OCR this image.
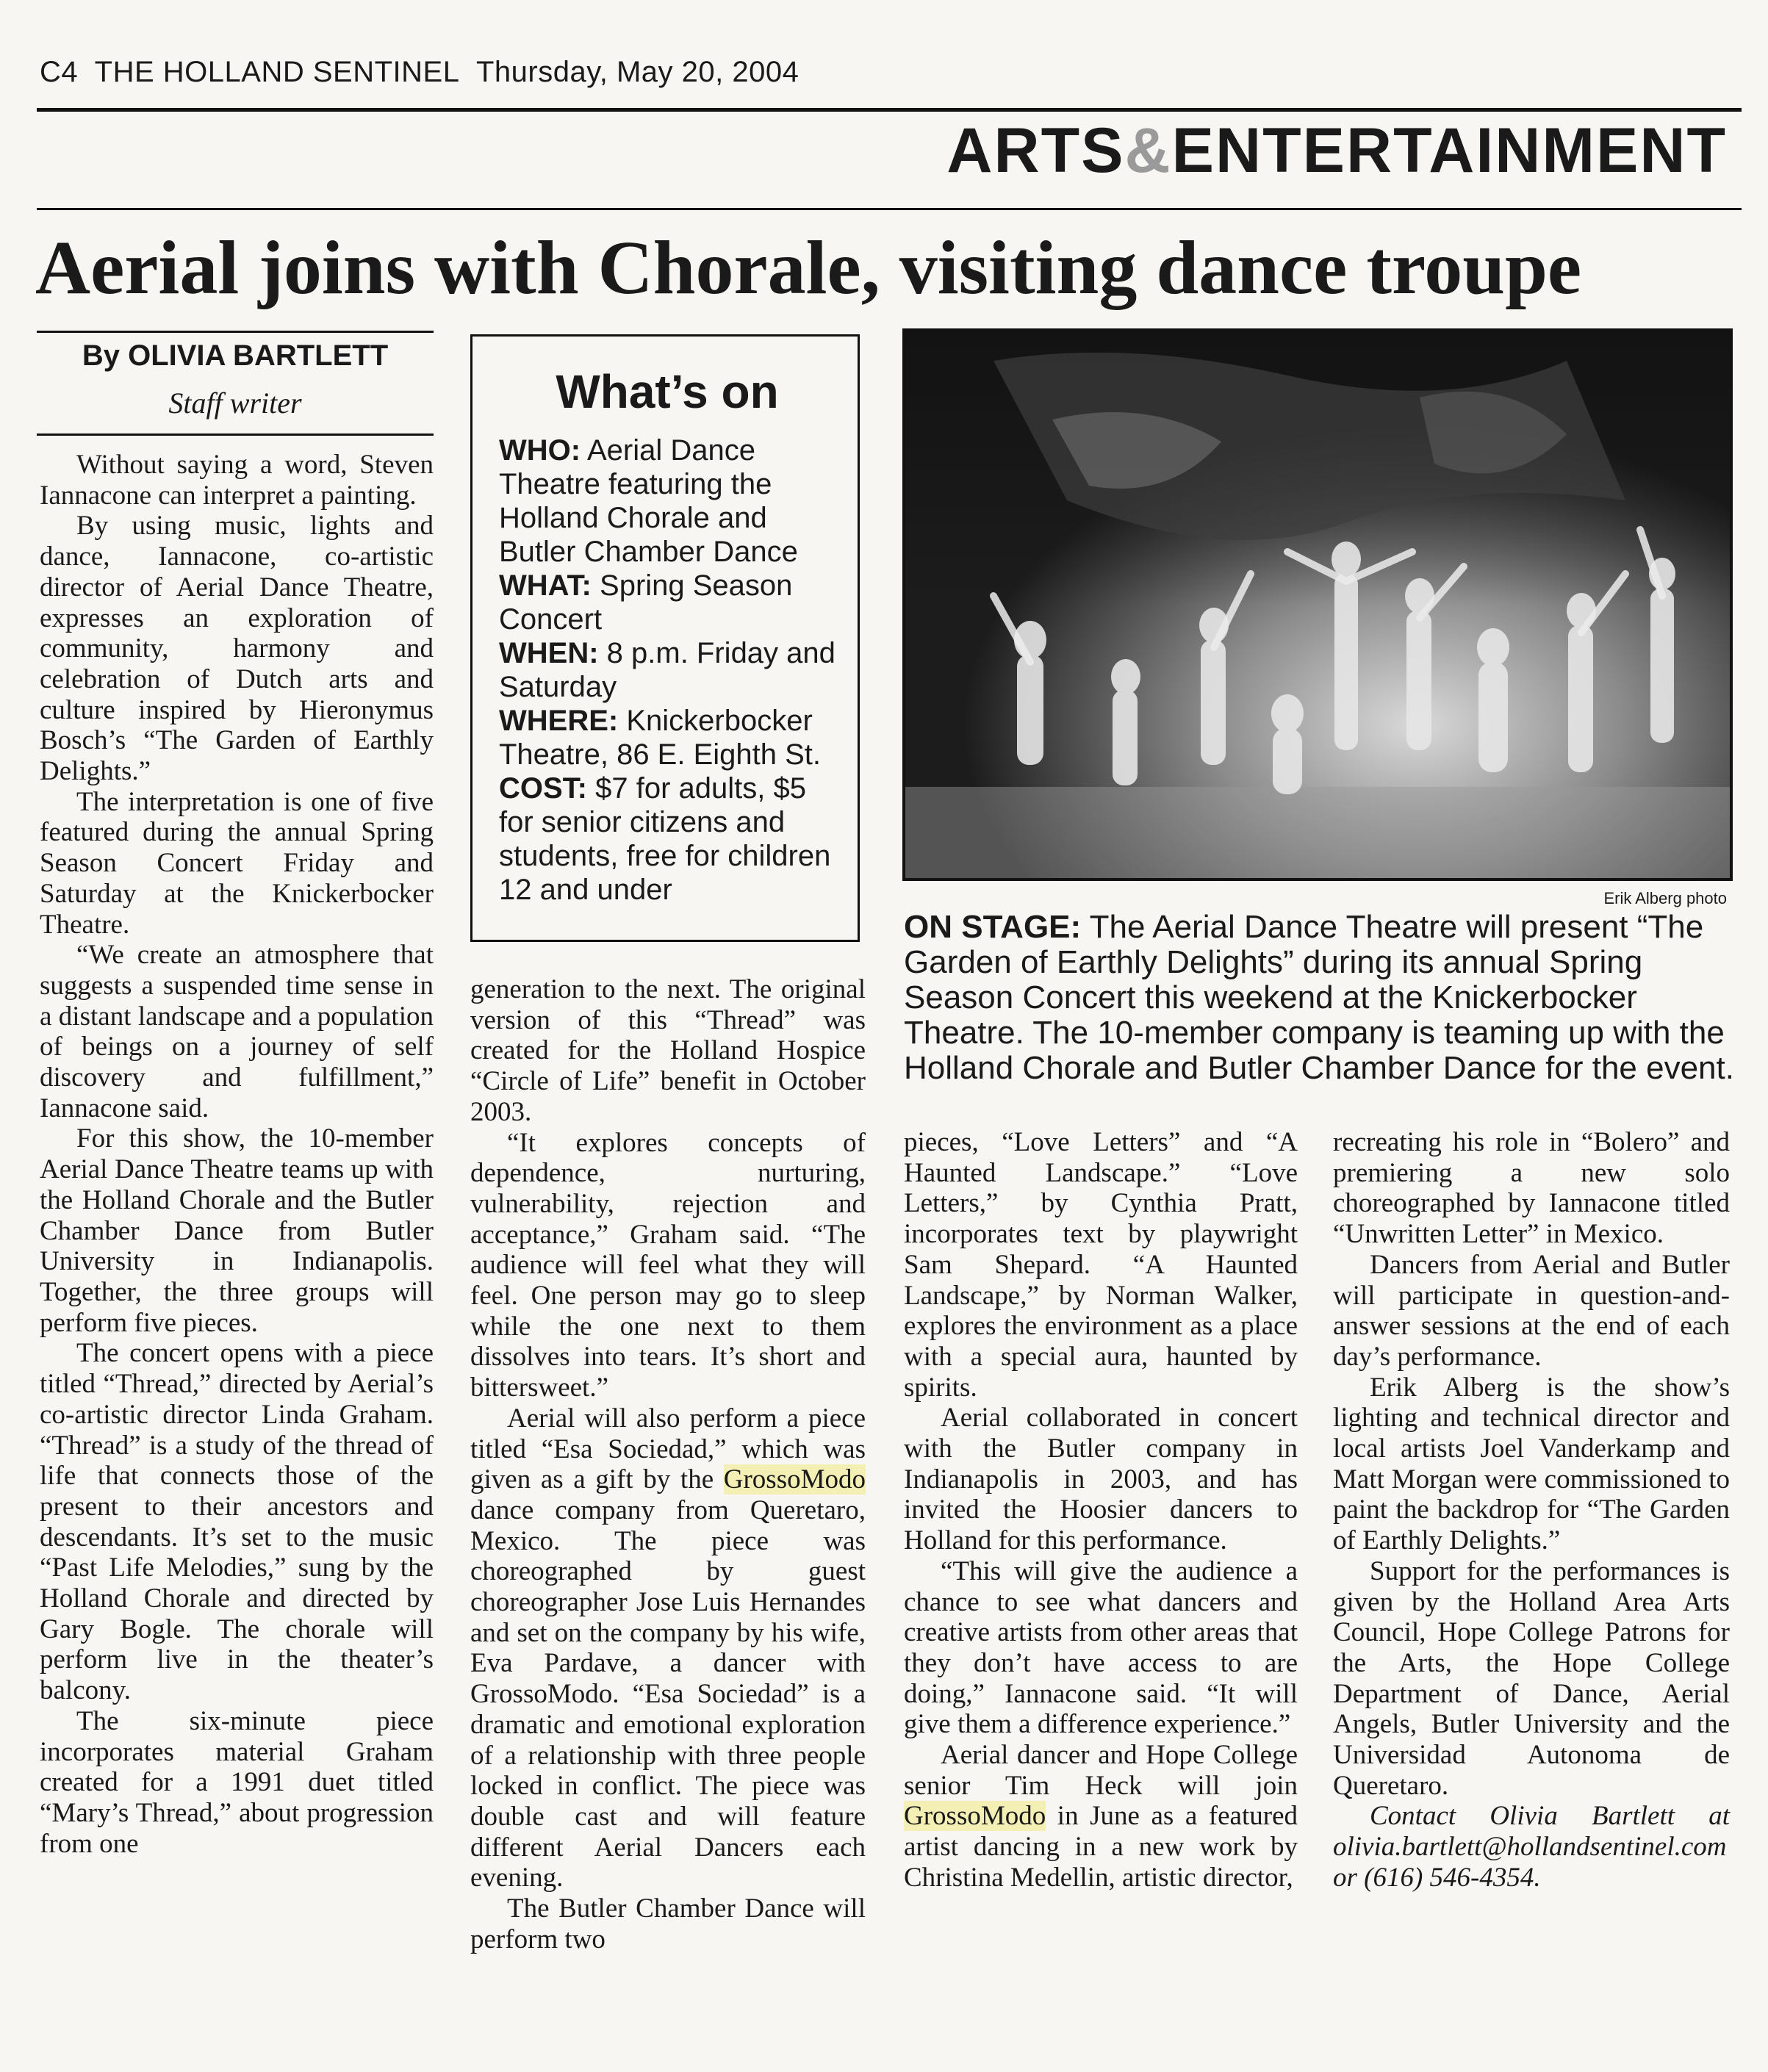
C4 THE HOLLAND SENTINEL Thursday, May 20, 2004
ARTS&ENTERTAINMENT
Aerial joins with Chorale, visiting dance troupe
By OLIVIA BARTLETT
Staff writer

Without saying a word, Steven Iannacone can interpret a painting.

By using music, lights and dance, Iannacone, co-artistic director of Aerial Dance Theatre, expresses an exploration of community, harmony and celebration of Dutch arts and culture inspired by Hieronymus Bosch’s “The Garden of Earthly Delights.”

The interpretation is one of five featured during the annual Spring Season Concert Friday and Saturday at the Knickerbocker Theatre.

“We create an atmosphere that suggests a suspended time sense in a distant landscape and a population of beings on a journey of self discovery and fulfillment,” Iannacone said.

For this show, the 10-member Aerial Dance Theatre teams up with the Holland Chorale and the Butler Chamber Dance from Butler University in Indianapolis. Together, the three groups will perform five pieces.

The concert opens with a piece titled “Thread,” directed by Aerial’s co-artistic director Linda Graham. “Thread” is a study of the thread of life that connects those of the present to their ancestors and descendants. It’s set to the music “Past Life Melodies,” sung by the Holland Chorale and directed by Gary Bogle. The chorale will perform live in the theater’s balcony.

The six-minute piece incorporates material Graham created for a 1991 duet titled “Mary’s Thread,” about progression from one

What’s on
WHO: Aerial Dance Theatre featuring the Holland Chorale and Butler Chamber Dance
WHAT: Spring Season Concert
WHEN: 8 p.m. Friday and Saturday
WHERE: Knickerbocker Theatre, 86 E. Eighth St.
COST: $7 for adults, $5 for senior citizens and students, free for children 12 and under

generation to the next. The original version of this “Thread” was created for the Holland Hospice “Circle of Life” benefit in October 2003.

“It explores concepts of dependence, nurturing, vulnerability, rejection and acceptance,” Graham said. “The audience will feel what they will feel. One person may go to sleep while the one next to them dissolves into tears. It’s short and bittersweet.”

Aerial will also perform a piece titled “Esa Sociedad,” which was given as a gift by the GrossoModo dance company from Queretaro, Mexico. The piece was choreographed by guest choreographer Jose Luis Hernandes and set on the company by his wife, Eva Pardave, a dancer with GrossoModo. “Esa Sociedad” is a dramatic and emotional exploration of a relationship with three people locked in conflict. The piece was double cast and will feature different Aerial Dancers each evening.

The Butler Chamber Dance will perform two

Erik Alberg photo
ON STAGE: The Aerial Dance Theatre will present “The Garden of Earthly Delights” during its annual Spring Season Concert this weekend at the Knickerbocker Theatre. The 10-member company is teaming up with the Holland Chorale and Butler Chamber Dance for the event.

pieces, “Love Letters” and “A Haunted Landscape.” “Love Letters,” by Cynthia Pratt, incorporates text by playwright Sam Shepard. “A Haunted Landscape,” by Norman Walker, explores the environment as a place with a special aura, haunted by spirits.

Aerial collaborated in concert with the Butler company in Indianapolis in 2003, and has invited the Hoosier dancers to Holland for this performance.

“This will give the audience a chance to see what dancers and creative artists from other areas that they don’t have access to are doing,” Iannacone said. “It will give them a difference experience.”

Aerial dancer and Hope College senior Tim Heck will join GrossoModo in June as a featured artist dancing in a new work by Christina Medellin, artistic director,

recreating his role in “Bolero” and premiering a new solo choreographed by Iannacone titled “Unwritten Letter” in Mexico.

Dancers from Aerial and Butler will participate in question-and-answer sessions at the end of each day’s performance.

Erik Alberg is the show’s lighting and technical director and local artists Joel Vanderkamp and Matt Morgan were commissioned to paint the backdrop for “The Garden of Earthly Delights.”

Support for the performances is given by the Holland Area Arts Council, Hope College Patrons for the Arts, the Hope College Department of Dance, Aerial Angels, Butler University and the Universidad Autonoma de Queretaro.

Contact Olivia Bartlett at olivia.bartlett@hollandsentinel.com or (616) 546-4354.
